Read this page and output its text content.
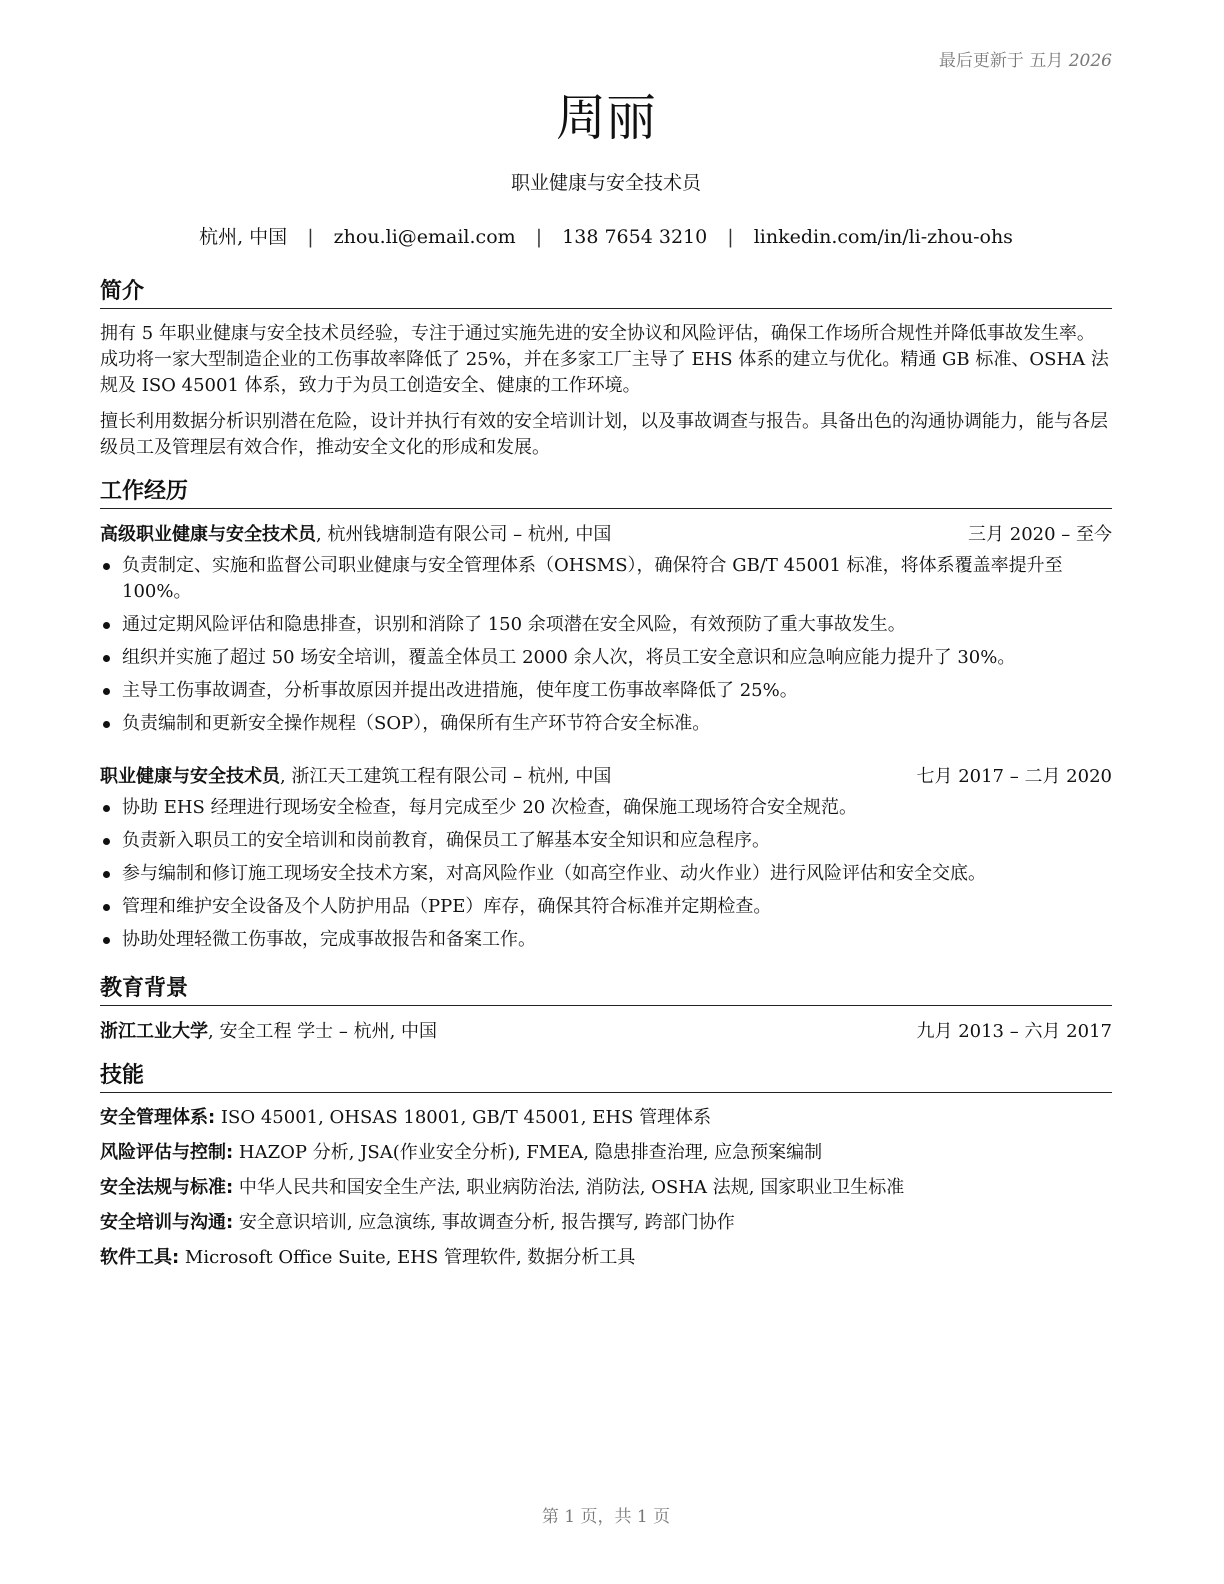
最后更新于 五月 2026
周丽
职业健康与安全技术员
杭州, 中国 | zhou.li@email.com | 138 7654 3210 | linkedin.com/in/li-zhou-ohs
简介

拥有 5 年职业健康与安全技术员经验，专注于通过实施先进的安全协议和风险评估，确保工作场所合规性并降低事故发生率。成功将一家大型制造企业的工伤事故率降低了 25%，并在多家工厂主导了 EHS 体系的建立与优化。精通 GB 标准、OSHA 法规及 ISO 45001 体系，致力于为员工创造安全、健康的工作环境。

擅长利用数据分析识别潜在危险，设计并执行有效的安全培训计划，以及事故调查与报告。具备出色的沟通协调能力，能与各层级员工及管理层有效合作，推动安全文化的形成和发展。

工作经历
高级职业健康与安全技术员, 杭州钱塘制造有限公司 – 杭州, 中国	三月 2020 – 至今
负责制定、实施和监督公司职业健康与安全管理体系（OHSMS），确保符合 GB/T 45001 标准，将体系覆盖率提升至 100%。
通过定期风险评估和隐患排查，识别和消除了 150 余项潜在安全风险，有效预防了重大事故发生。
组织并实施了超过 50 场安全培训，覆盖全体员工 2000 余人次，将员工安全意识和应急响应能力提升了 30%。
主导工伤事故调查，分析事故原因并提出改进措施，使年度工伤事故率降低了 25%。
负责编制和更新安全操作规程（SOP），确保所有生产环节符合安全标准。
职业健康与安全技术员, 浙江天工建筑工程有限公司 – 杭州, 中国	七月 2017 – 二月 2020
协助 EHS 经理进行现场安全检查，每月完成至少 20 次检查，确保施工现场符合安全规范。
负责新入职员工的安全培训和岗前教育，确保员工了解基本安全知识和应急程序。
参与编制和修订施工现场安全技术方案，对高风险作业（如高空作业、动火作业）进行风险评估和安全交底。
管理和维护安全设备及个人防护用品（PPE）库存，确保其符合标准并定期检查。
协助处理轻微工伤事故，完成事故报告和备案工作。
教育背景
浙江工业大学, 安全工程 学士 – 杭州, 中国	九月 2013 – 六月 2017
技能
安全管理体系: ISO 45001, OHSAS 18001, GB/T 45001, EHS 管理体系
风险评估与控制: HAZOP 分析, JSA(作业安全分析), FMEA, 隐患排查治理, 应急预案编制
安全法规与标准: 中华人民共和国安全生产法, 职业病防治法, 消防法, OSHA 法规, 国家职业卫生标准
安全培训与沟通: 安全意识培训, 应急演练, 事故调查分析, 报告撰写, 跨部门协作
软件工具: Microsoft Office Suite, EHS 管理软件, 数据分析工具
第 1 页，共 1 页
